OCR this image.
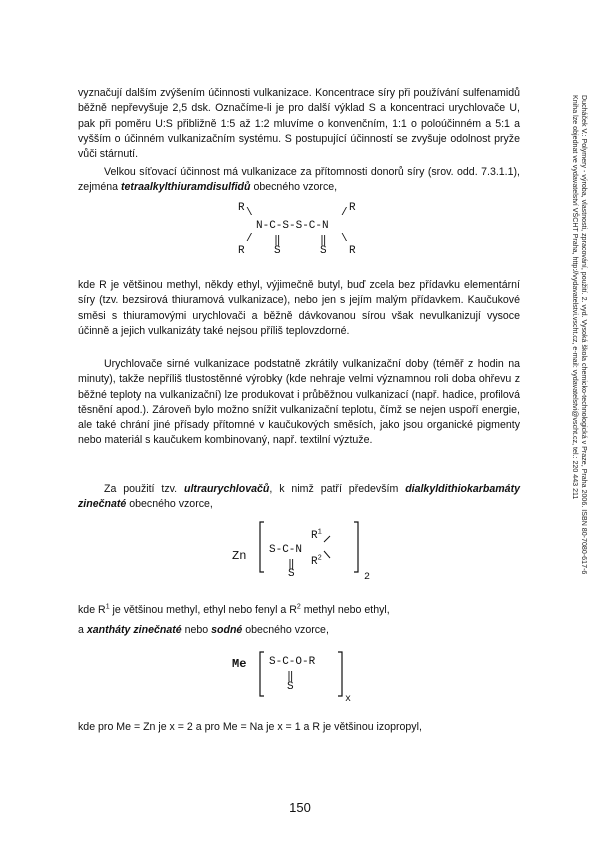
vyznačují dalším zvýšením účinnosti vulkanizace. Koncentrace síry při používání sulfenamidů běžně nepřevyšuje 2,5 dsk. Označíme-li je pro další výklad S a koncentraci urychlovače U, pak při poměru U:S přibližně 1:5 až 1:2 mluvíme o konvenčním, 1:1 o poloúčinném a 5:1 a vyšším o účinném vulkanizačním systému. S postupující účinností se zvyšuje odolnost pryže vůči stárnutí.

Velkou síťovací účinnost má vulkanizace za přítomnosti donorů síry (srov. odd. 7.3.1.1), zejména tetraalkylthiuramdisulfidů obecného vzorce,

R \	/ R
N-C-S-S-C-N
/ ‖	‖ \
R	S	S R

kde R je většinou methyl, někdy ethyl, výjimečně butyl, buď zcela bez přídavku elementární síry (tzv. bezsirová thiuramová vulkanizace), nebo jen s jejím malým přídavkem. Kaučukové směsi s thiuramovými urychlovači a běžně dávkovanou sírou však nevulkanizují vysoce účinně a jejich vulkanizáty také nejsou příliš teplovzdorné.

Urychlovače sirné vulkanizace podstatně zkrátily vulkanizační doby (téměř z hodin na minuty), takže nepříliš tlustostěnné výrobky (kde nehraje velmi významnou roli doba ohřevu z běžné teploty na vulkanizační) lze produkovat i průběžnou vulkanizací (např. hadice, profilová těsnění apod.). Zároveň bylo možno snížit vulkanizační teplotu, čímž se nejen uspoří energie, ale také chrání jiné přísady přítomné v kaučukových směsích, jako jsou organické pigmenty nebo materiál s kaučukem kombinovaný, např. textilní výztuže.

Za použití tzv. ultraurychlovačů, k nimž patří především dialkyldithiokarbamáty zinečnaté obecného vzorce,

Zn S-C-N
$R^1$
$R^2$
‖
S	2

kde $R^1$ je většinou methyl, ethyl nebo fenyl a $R^2$ methyl nebo ethyl,

a xantháty zinečnaté nebo sodné obecného vzorce,

Me S-C-O-R
‖
S
x

kde pro Me = Zn je x = 2 a pro Me = Na je x = 1 a R je většinou izopropyl,

150
Ducháček V.: Polymery - výroba, vlastnosti, zpracování, použití. 2. vyd. Vysoká škola chemicko-technologická v Praze, Praha 2006. ISBN 80-7080-617-6
Kniha lze objednat ve vydavatelství VŠCHT Praha, http://vydavatelstvi.vscht.cz, e-mail: vydavatelstvi@vscht.cz, tel.: 220 443 211
